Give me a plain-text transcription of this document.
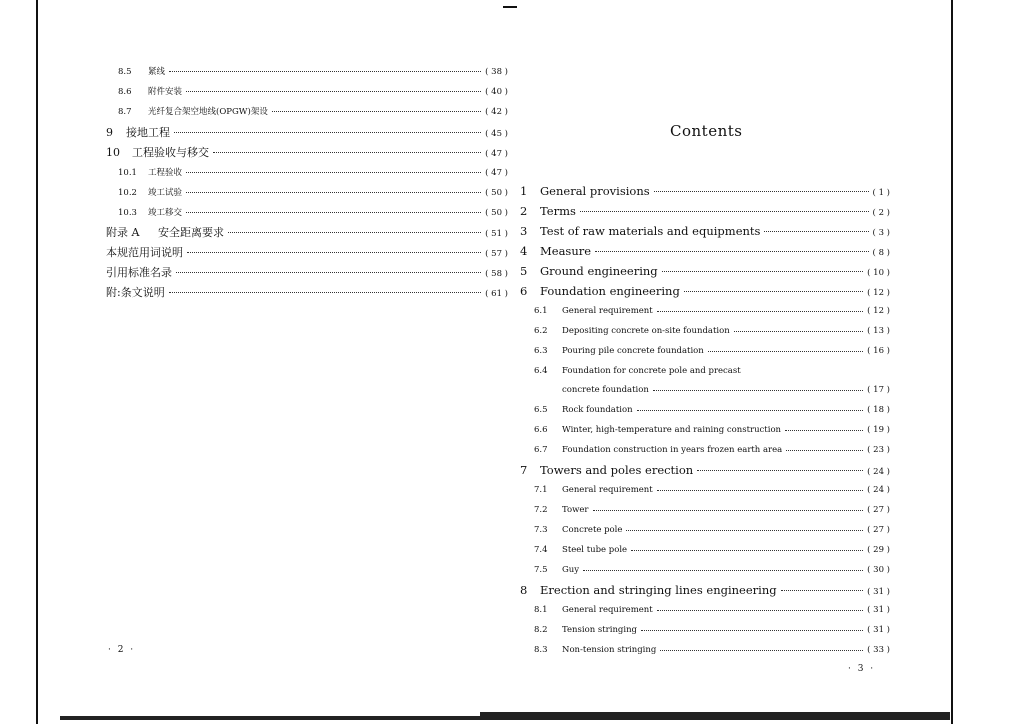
8.5	紧线	( 38 )
8.6	附件安装	( 40 )
8.7	光纤复合架空地线(OPGW)架设	( 42 )
9	接地工程	( 45 )
10	工程验收与移交	( 47 )
10.1	工程验收	( 47 )
10.2	竣工试验	( 50 )
10.3	竣工移交	( 50 )
附录 A	安全距离要求	( 51 )
本规范用词说明	( 57 )
引用标准名录	( 58 )
附:条文说明	( 61 )
· 2 ·
Contents
1	General provisions	( 1 )
2	Terms	( 2 )
3	Test of raw materials and equipments	( 3 )
4	Measure	( 8 )
5	Ground engineering	( 10 )
6	Foundation engineering	( 12 )
6.1	General requirement	( 12 )
6.2	Depositing concrete on-site foundation	( 13 )
6.3	Pouring pile concrete foundation	( 16 )
6.4	Foundation for concrete pole and precast
concrete foundation	( 17 )
6.5	Rock foundation	( 18 )
6.6	Winter, high-temperature and raining construction	( 19 )
6.7	Foundation construction in years frozen earth area	( 23 )
7	Towers and poles erection	( 24 )
7.1	General requirement	( 24 )
7.2	Tower	( 27 )
7.3	Concrete pole	( 27 )
7.4	Steel tube pole	( 29 )
7.5	Guy	( 30 )
8	Erection and stringing lines engineering	( 31 )
8.1	General requirement	( 31 )
8.2	Tension stringing	( 31 )
8.3	Non-tension stringing	( 33 )
· 3 ·
